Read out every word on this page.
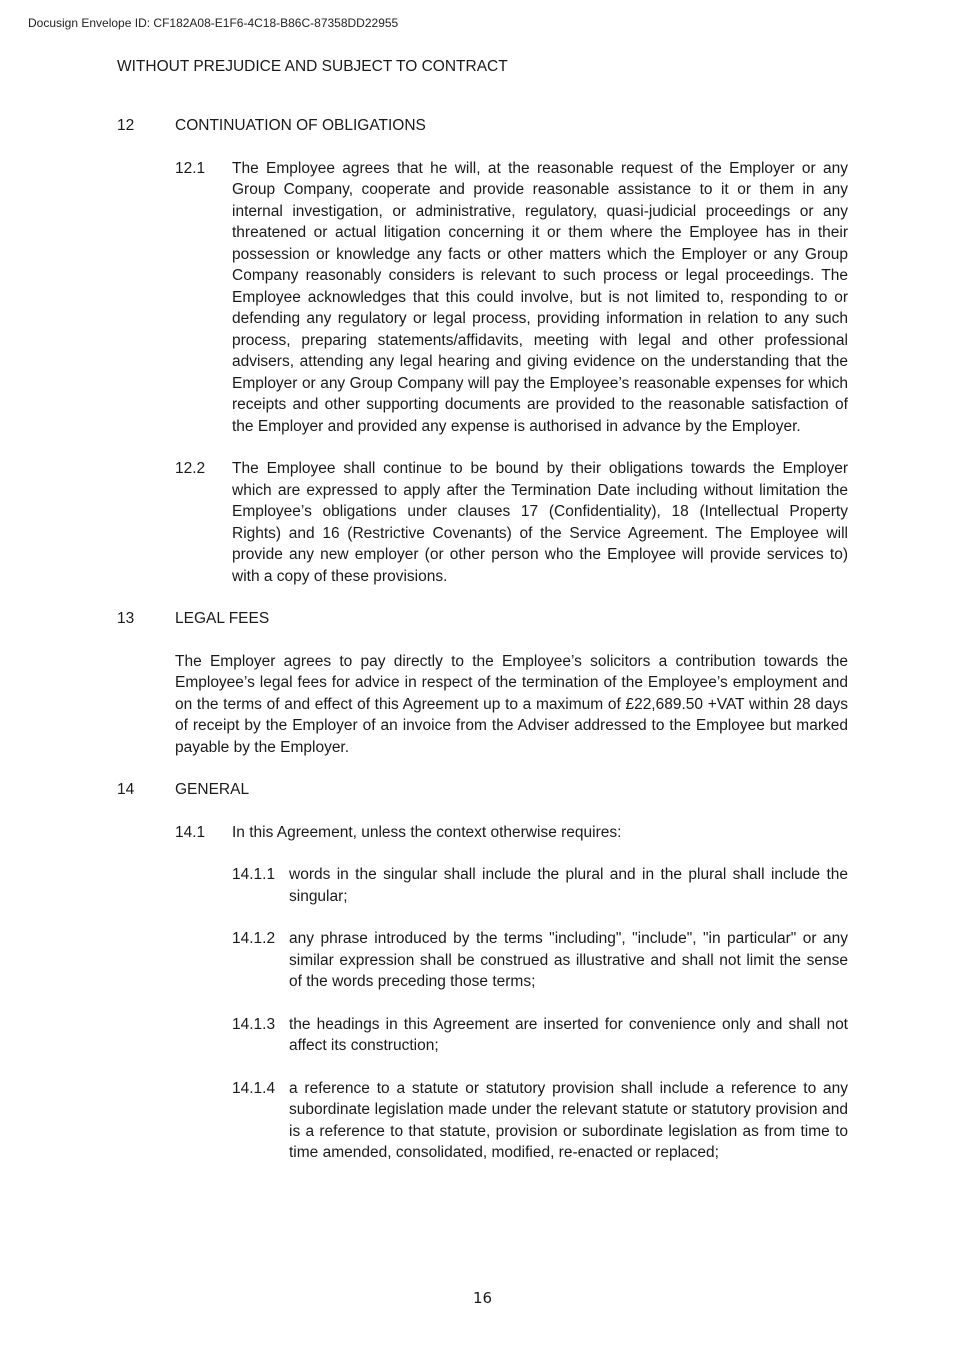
Docusign Envelope ID: CF182A08-E1F6-4C18-B86C-87358DD22955
WITHOUT PREJUDICE AND SUBJECT TO CONTRACT
12	CONTINUATION OF OBLIGATIONS
12.1	The Employee agrees that he will, at the reasonable request of the Employer or any Group Company, cooperate and provide reasonable assistance to it or them in any internal investigation, or administrative, regulatory, quasi-judicial proceedings or any threatened or actual litigation concerning it or them where the Employee has in their possession or knowledge any facts or other matters which the Employer or any Group Company reasonably considers is relevant to such process or legal proceedings. The Employee acknowledges that this could involve, but is not limited to, responding to or defending any regulatory or legal process, providing information in relation to any such process, preparing statements/affidavits, meeting with legal and other professional advisers, attending any legal hearing and giving evidence on the understanding that the Employer or any Group Company will pay the Employee’s reasonable expenses for which receipts and other supporting documents are provided to the reasonable satisfaction of the Employer and provided any expense is authorised in advance by the Employer.
12.2	The Employee shall continue to be bound by their obligations towards the Employer which are expressed to apply after the Termination Date including without limitation the Employee’s obligations under clauses 17 (Confidentiality), 18 (Intellectual Property Rights) and 16 (Restrictive Covenants) of the Service Agreement. The Employee will provide any new employer (or other person who the Employee will provide services to) with a copy of these provisions.
13	LEGAL FEES
The Employer agrees to pay directly to the Employee’s solicitors a contribution towards the Employee’s legal fees for advice in respect of the termination of the Employee’s employment and on the terms of and effect of this Agreement up to a maximum of £22,689.50 +VAT within 28 days of receipt by the Employer of an invoice from the Adviser addressed to the Employee but marked payable by the Employer.
14	GENERAL
14.1	In this Agreement, unless the context otherwise requires:
14.1.1 words in the singular shall include the plural and in the plural shall include the singular;
14.1.2 any phrase introduced by the terms "including", "include", "in particular" or any similar expression shall be construed as illustrative and shall not limit the sense of the words preceding those terms;
14.1.3 the headings in this Agreement are inserted for convenience only and shall not affect its construction;
14.1.4 a reference to a statute or statutory provision shall include a reference to any subordinate legislation made under the relevant statute or statutory provision and is a reference to that statute, provision or subordinate legislation as from time to time amended, consolidated, modified, re-enacted or replaced;
16
